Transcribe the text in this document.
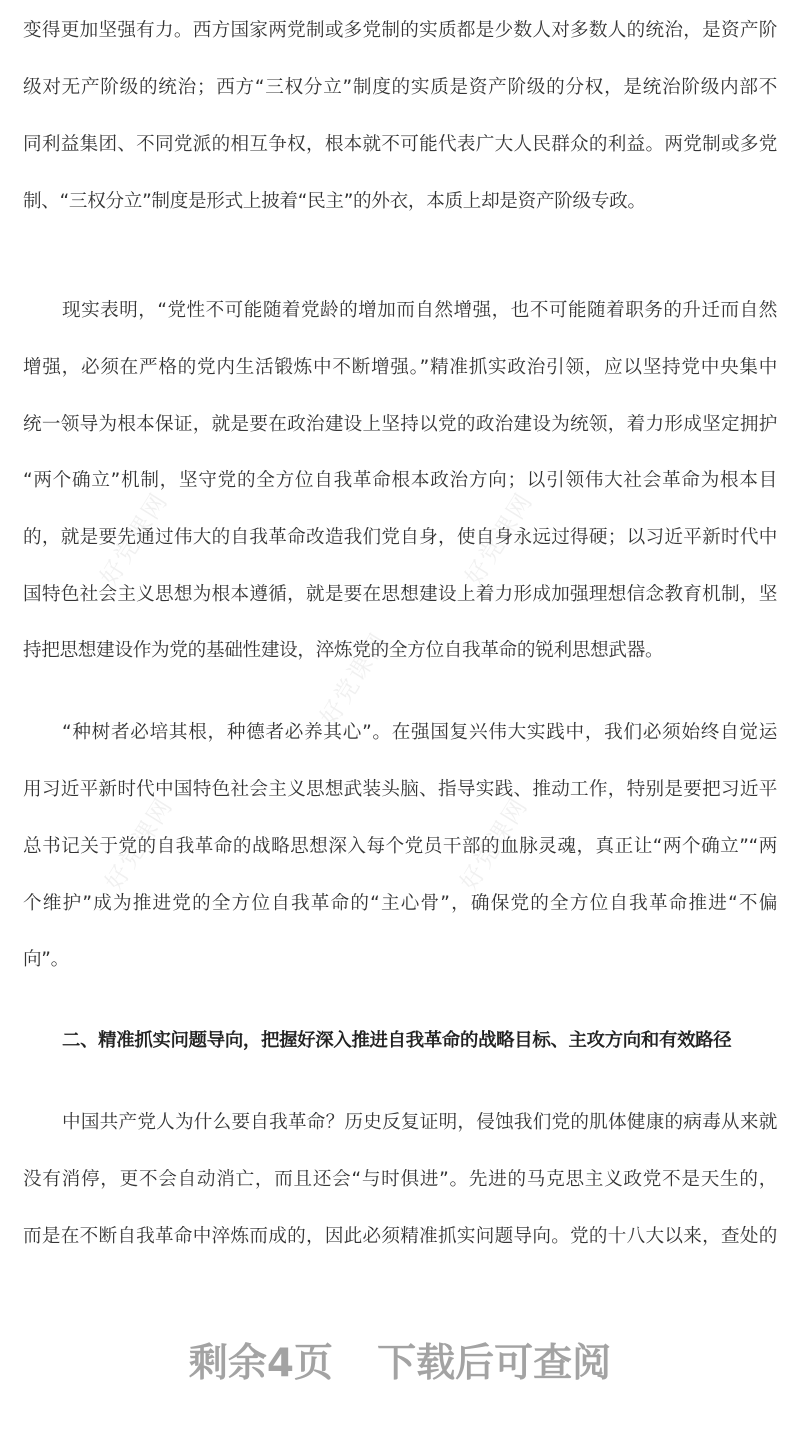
好党课网	好党课网
好党课网
好党课网	好党课网
变得更加坚强有力。西方国家两党制或多党制的实质都是少数人对多数人的统治，是资产阶
级对无产阶级的统治；西方“三权分立”制度的实质是资产阶级的分权，是统治阶级内部不
同利益集团、不同党派的相互争权，根本就不可能代表广大人民群众的利益。两党制或多党
制、“三权分立”制度是形式上披着“民主”的外衣，本质上却是资产阶级专政。
现实表明，“党性不可能随着党龄的增加而自然增强，也不可能随着职务的升迁而自然
增强，必须在严格的党内生活锻炼中不断增强。”精准抓实政治引领，应以坚持党中央集中
统一领导为根本保证，就是要在政治建设上坚持以党的政治建设为统领，着力形成坚定拥护
“两个确立”机制，坚守党的全方位自我革命根本政治方向；以引领伟大社会革命为根本目
的，就是要先通过伟大的自我革命改造我们党自身，使自身永远过得硬；以习近平新时代中
国特色社会主义思想为根本遵循，就是要在思想建设上着力形成加强理想信念教育机制，坚
持把思想建设作为党的基础性建设，淬炼党的全方位自我革命的锐利思想武器。
“种树者必培其根，种德者必养其心”。在强国复兴伟大实践中，我们必须始终自觉运
用习近平新时代中国特色社会主义思想武装头脑、指导实践、推动工作，特别是要把习近平
总书记关于党的自我革命的战略思想深入每个党员干部的血脉灵魂，真正让“两个确立”“两
个维护”成为推进党的全方位自我革命的“主心骨”，确保党的全方位自我革命推进“不偏
向”。
二、精准抓实问题导向，把握好深入推进自我革命的战略目标、主攻方向和有效路径
中国共产党人为什么要自我革命？历史反复证明，侵蚀我们党的肌体健康的病毒从来就
没有消停，更不会自动消亡，而且还会“与时俱进”。先进的马克思主义政党不是天生的，
而是在不断自我革命中淬炼而成的，因此必须精准抓实问题导向。党的十八大以来，查处的
剩余4页 下载后可查阅
